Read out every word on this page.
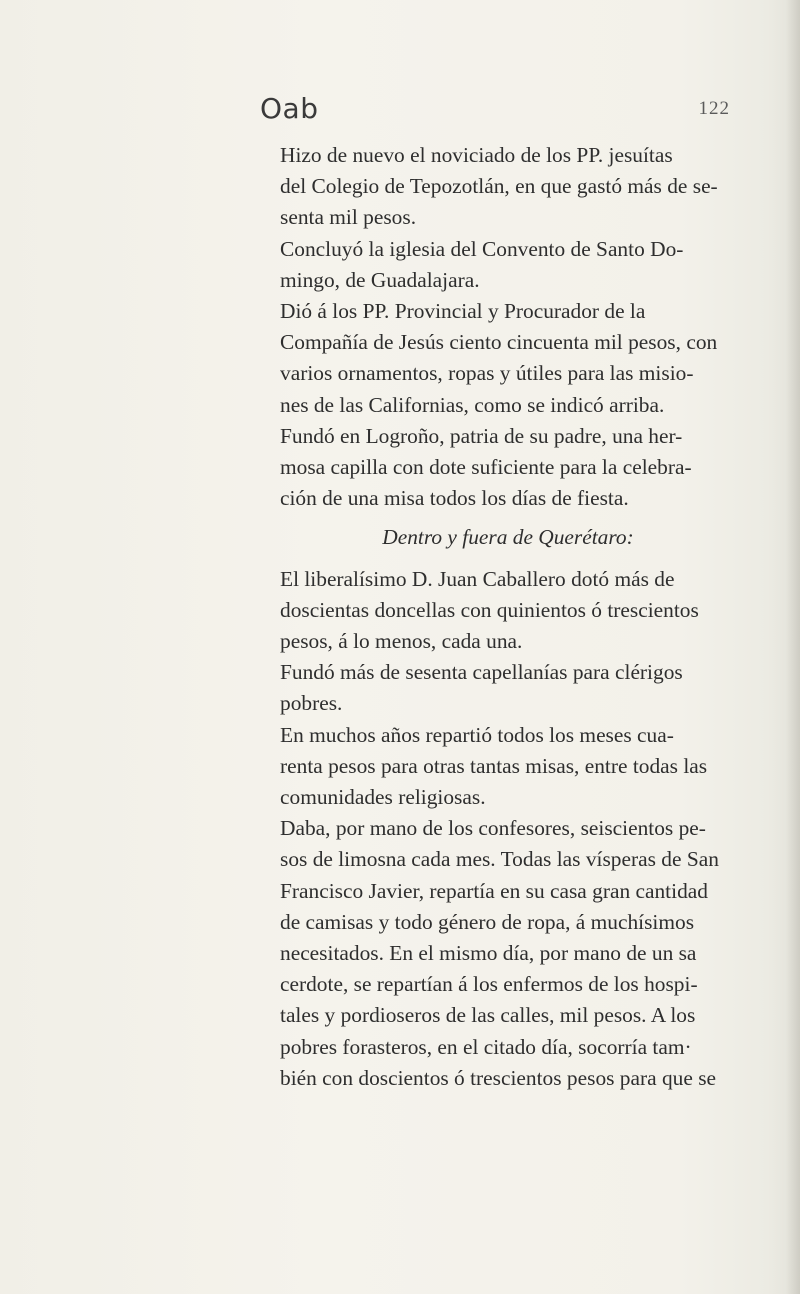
Oab	122
Hizo de nuevo el noviciado de los PP. jesuítas
del Colegio de Tepozotlán, en que gastó más de se-
senta mil pesos.
Concluyó la iglesia del Convento de Santo Do-
mingo, de Guadalajara.
Dió á los PP. Provincial y Procurador de la
Compañía de Jesús ciento cincuenta mil pesos, con
varios ornamentos, ropas y útiles para las misio-
nes de las Californias, como se indicó arriba.
Fundó en Logroño, patria de su padre, una her-
mosa capilla con dote suficiente para la celebra-
ción de una misa todos los días de fiesta.
Dentro y fuera de Querétaro:
El liberalísimo D. Juan Caballero dotó más de
doscientas doncellas con quinientos ó trescientos
pesos, á lo menos, cada una.
Fundó más de sesenta capellanías para clérigos
pobres.
En muchos años repartió todos los meses cua-
renta pesos para otras tantas misas, entre todas las
comunidades religiosas.
Daba, por mano de los confesores, seiscientos pe-
sos de limosna cada mes. Todas las vísperas de San
Francisco Javier, repartía en su casa gran cantidad
de camisas y todo género de ropa, á muchísimos
necesitados. En el mismo día, por mano de un sa
cerdote, se repartían á los enfermos de los hospi-
tales y pordioseros de las calles, mil pesos. A los
pobres forasteros, en el citado día, socorría tam·
bién con doscientos ó trescientos pesos para que se
